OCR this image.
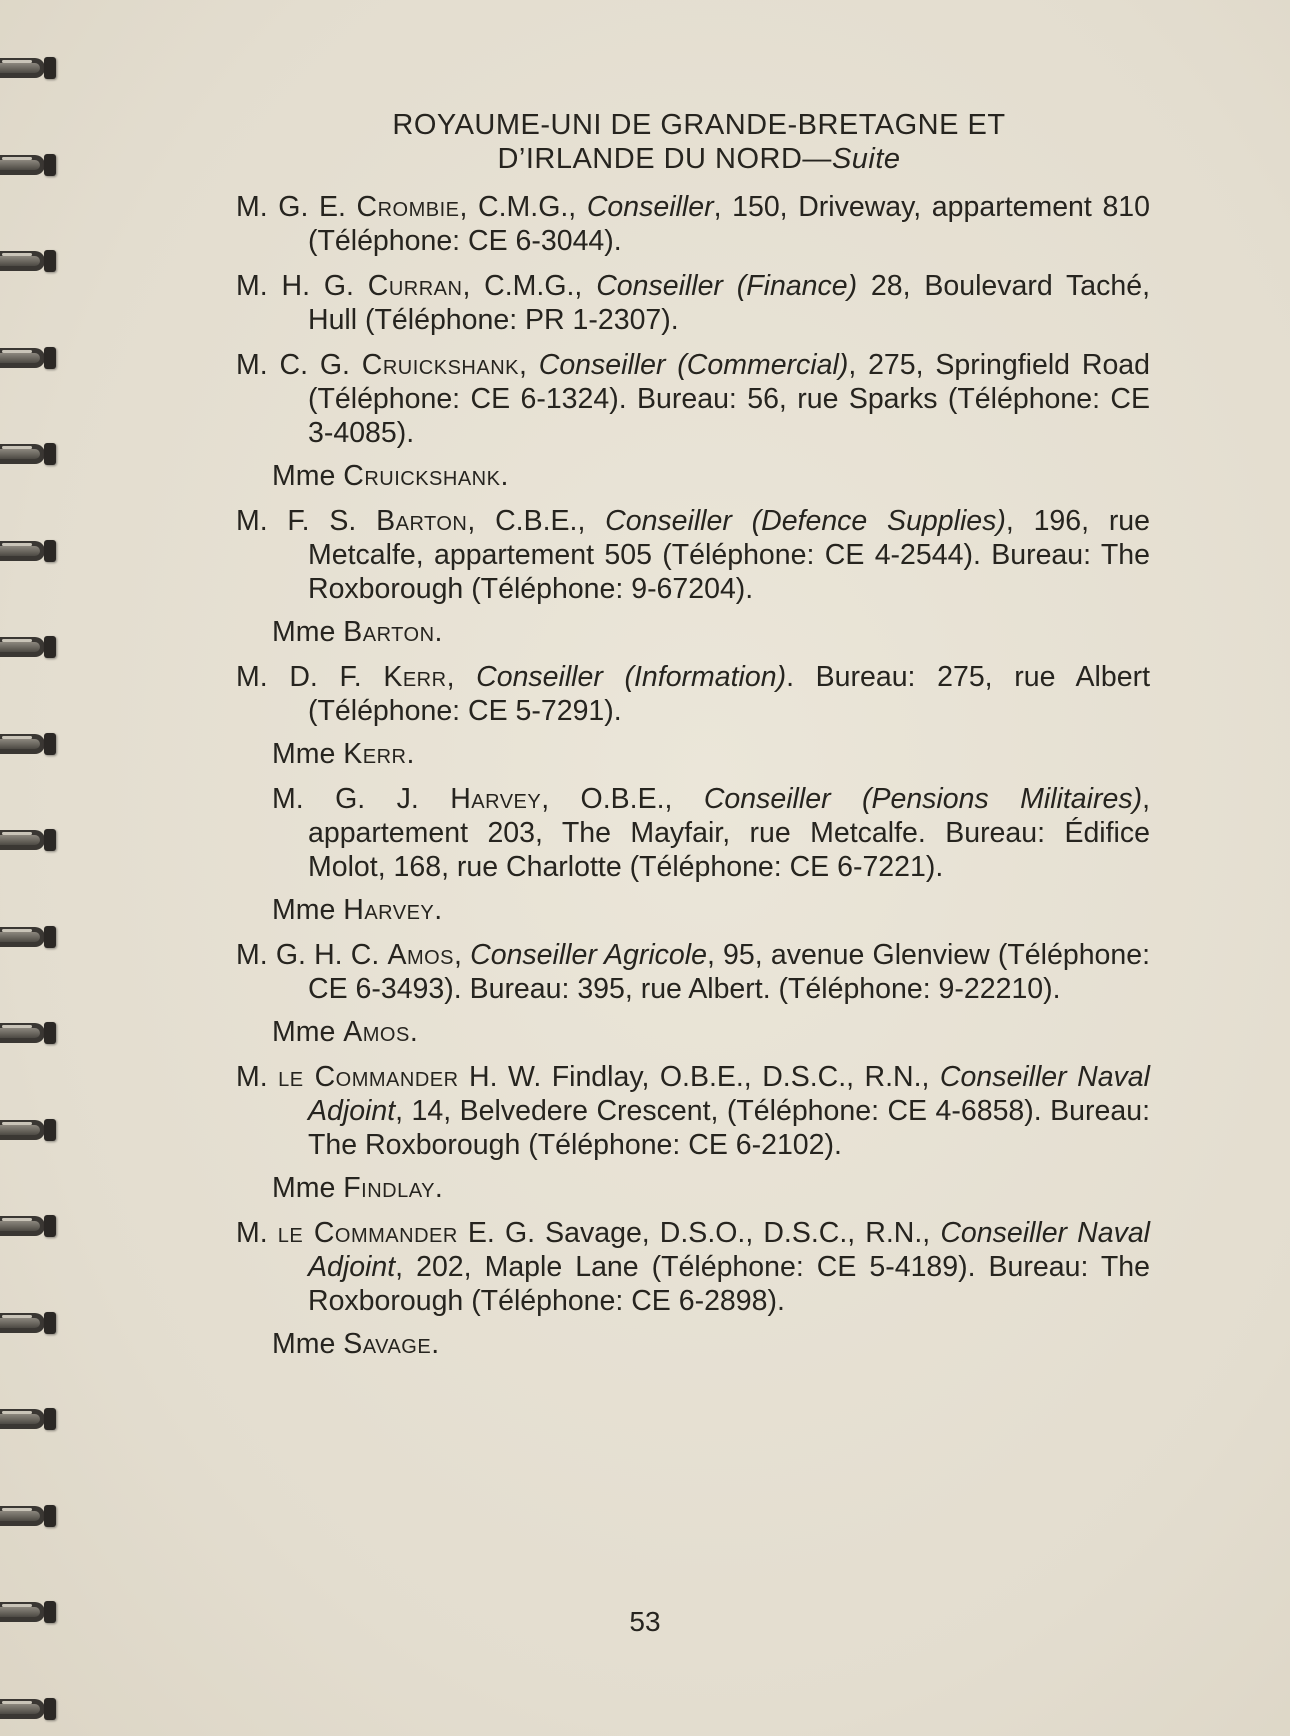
ROYAUME-UNI DE GRANDE-BRETAGNE ET
D’IRLANDE DU NORD—Suite
M. G. E. Crombie, C.M.G., Conseiller, 150, Driveway, appartement 810 (Téléphone: CE 6-3044).
M. H. G. Curran, C.M.G., Conseiller (Finance) 28, Boulevard Taché, Hull (Téléphone: PR 1-2307).
M. C. G. Cruickshank, Conseiller (Commercial), 275, Springfield Road (Téléphone: CE 6-1324). Bureau: 56, rue Sparks (Téléphone: CE 3-4085).
Mme Cruickshank.
M. F. S. Barton, C.B.E., Conseiller (Defence Supplies), 196, rue Metcalfe, appartement 505 (Téléphone: CE 4-2544). Bureau: The Roxborough (Téléphone: 9-67204).
Mme Barton.
M. D. F. Kerr, Conseiller (Information). Bureau: 275, rue Albert (Téléphone: CE 5-7291).
Mme Kerr.
M. G. J. Harvey, O.B.E., Conseiller (Pensions Militaires), appartement 203, The Mayfair, rue Metcalfe. Bureau: Édifice Molot, 168, rue Charlotte (Téléphone: CE 6-7221).
Mme Harvey.
M. G. H. C. Amos, Conseiller Agricole, 95, avenue Glenview (Téléphone: CE 6-3493). Bureau: 395, rue Albert. (Téléphone: 9-22210).
Mme Amos.
M. le Commander H. W. Findlay, O.B.E., D.S.C., R.N., Conseiller Naval Adjoint, 14, Belvedere Crescent, (Téléphone: CE 4-6858). Bureau: The Roxborough (Téléphone: CE 6-2102).
Mme Findlay.
M. le Commander E. G. Savage, D.S.O., D.S.C., R.N., Conseiller Naval Adjoint, 202, Maple Lane (Téléphone: CE 5-4189). Bureau: The Roxborough (Téléphone: CE 6-2898).
Mme Savage.
53
